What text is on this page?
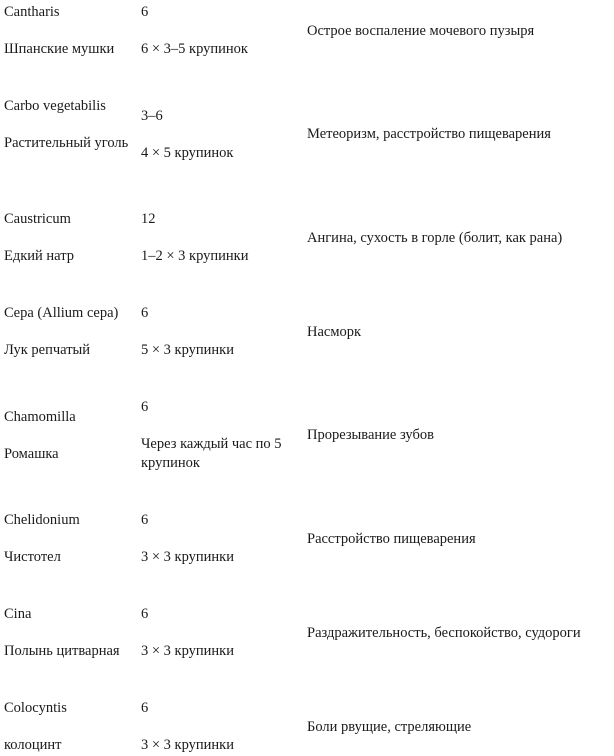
Cantharis
Шпанские мушки
6
6 × 3–5 крупинок
Острое воспаление мочевого пузыря
Carbo vegetabilis
Растительный уголь
3–6
4 × 5 крупинок
Метеоризм, расстройство пищеварения
Caustricum
Едкий натр
12
1–2 × 3 крупинки
Ангина, сухость в горле (болит, как рана)
Cepa (Allium cepa)
Лук репчатый
6
5 × 3 крупинки
Насморк
Chamomilla
Ромашка
6
Через каждый час по 5 крупинок
Прорезывание зубов
Chelidonium
Чистотел
6
3 × 3 крупинки
Расстройство пищеварения
Cina
Полынь цитварная
6
3 × 3 крупинки
Раздражительность, беспокойство, судороги
Colocyntis
колоцинт
6
3 × 3 крупинки
Боли рвущие, стреляющие
